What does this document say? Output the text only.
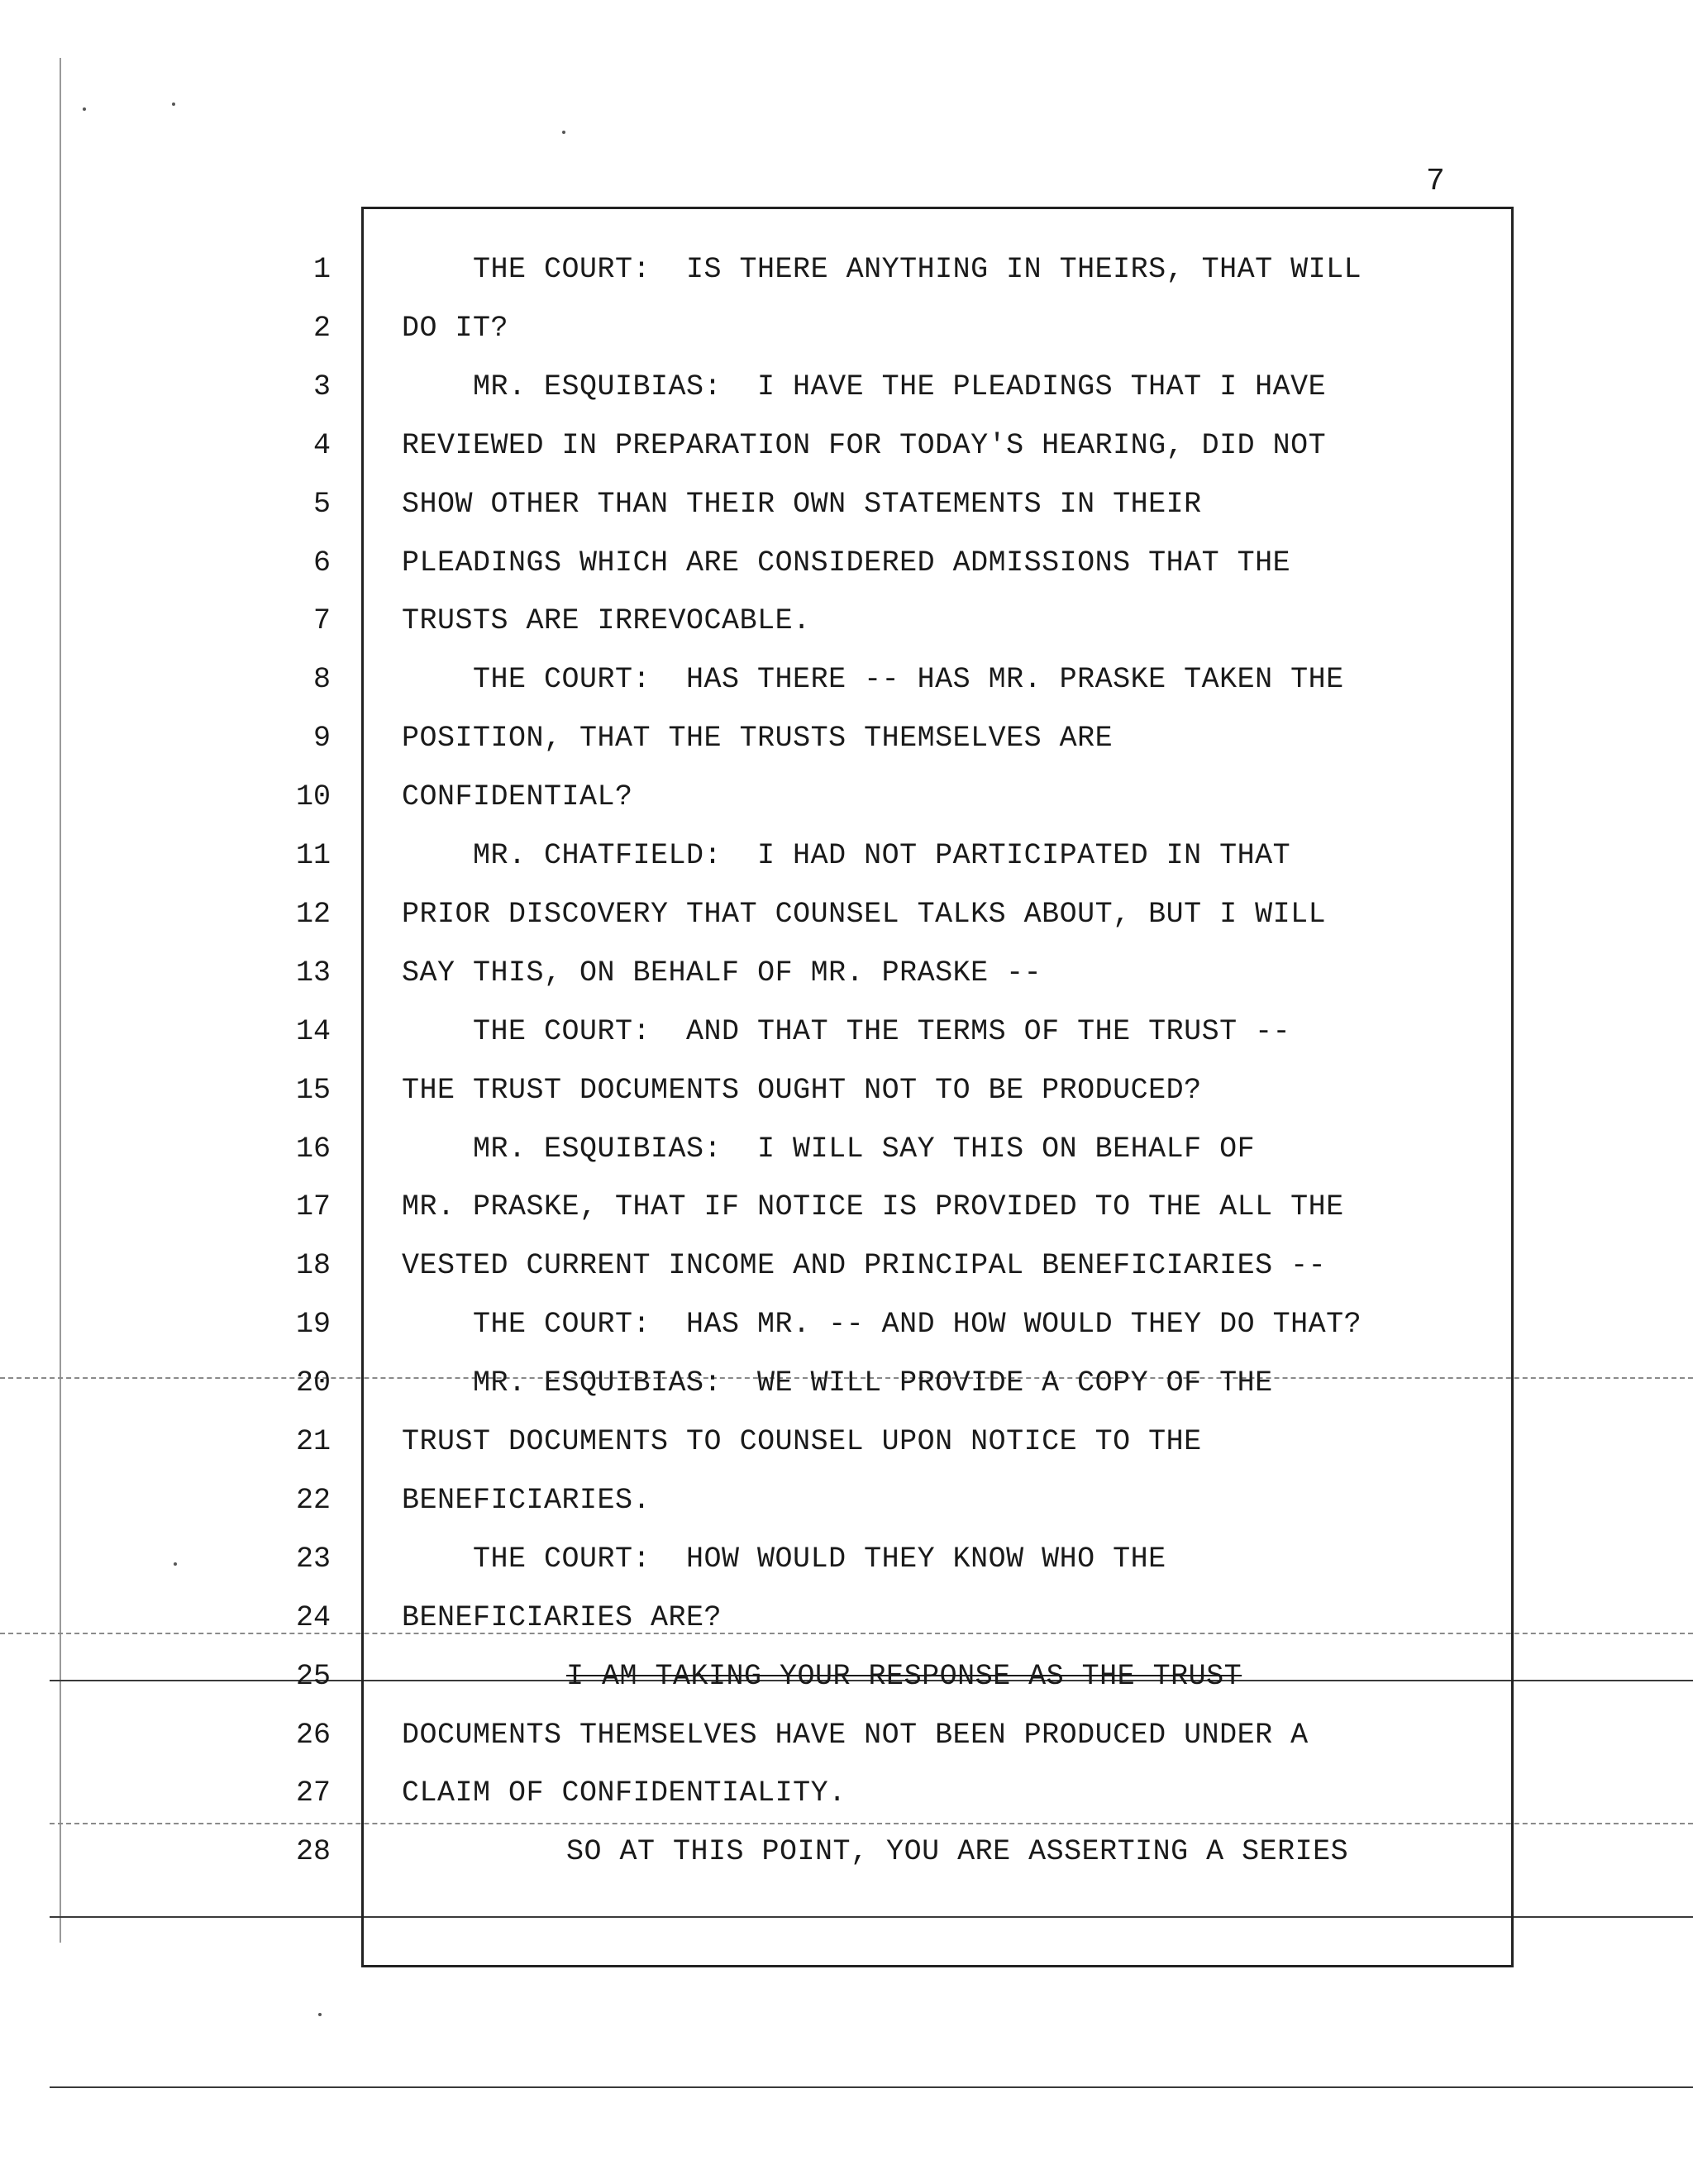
7
1	THE COURT:  IS THERE ANYTHING IN THEIRS, THAT WILL
2 DO IT?
3	MR. ESQUIBIAS:  I HAVE THE PLEADINGS THAT I HAVE
4 REVIEWED IN PREPARATION FOR TODAY'S HEARING, DID NOT
5 SHOW OTHER THAN THEIR OWN STATEMENTS IN THEIR
6 PLEADINGS WHICH ARE CONSIDERED ADMISSIONS THAT THE
7 TRUSTS ARE IRREVOCABLE.
8	THE COURT:  HAS THERE -- HAS MR. PRASKE TAKEN THE
9 POSITION, THAT THE TRUSTS THEMSELVES ARE
10 CONFIDENTIAL?
11	MR. CHATFIELD:  I HAD NOT PARTICIPATED IN THAT
12 PRIOR DISCOVERY THAT COUNSEL TALKS ABOUT, BUT I WILL
13 SAY THIS, ON BEHALF OF MR. PRASKE --
14	THE COURT:  AND THAT THE TERMS OF THE TRUST --
15 THE TRUST DOCUMENTS OUGHT NOT TO BE PRODUCED?
16	MR. ESQUIBIAS:  I WILL SAY THIS ON BEHALF OF
17 MR. PRASKE, THAT IF NOTICE IS PROVIDED TO THE ALL THE
18 VESTED CURRENT INCOME AND PRINCIPAL BENEFICIARIES --
19	THE COURT:  HAS MR. -- AND HOW WOULD THEY DO THAT?
20	MR. ESQUIBIAS:  WE WILL PROVIDE A COPY OF THE
21 TRUST DOCUMENTS TO COUNSEL UPON NOTICE TO THE
22 BENEFICIARIES.
23	THE COURT:  HOW WOULD THEY KNOW WHO THE
24 BENEFICIARIES ARE?
25	I AM TAKING YOUR RESPONSE AS THE TRUST
26 DOCUMENTS THEMSELVES HAVE NOT BEEN PRODUCED UNDER A
27 CLAIM OF CONFIDENTIALITY.
28	SO AT THIS POINT, YOU ARE ASSERTING A SERIES
